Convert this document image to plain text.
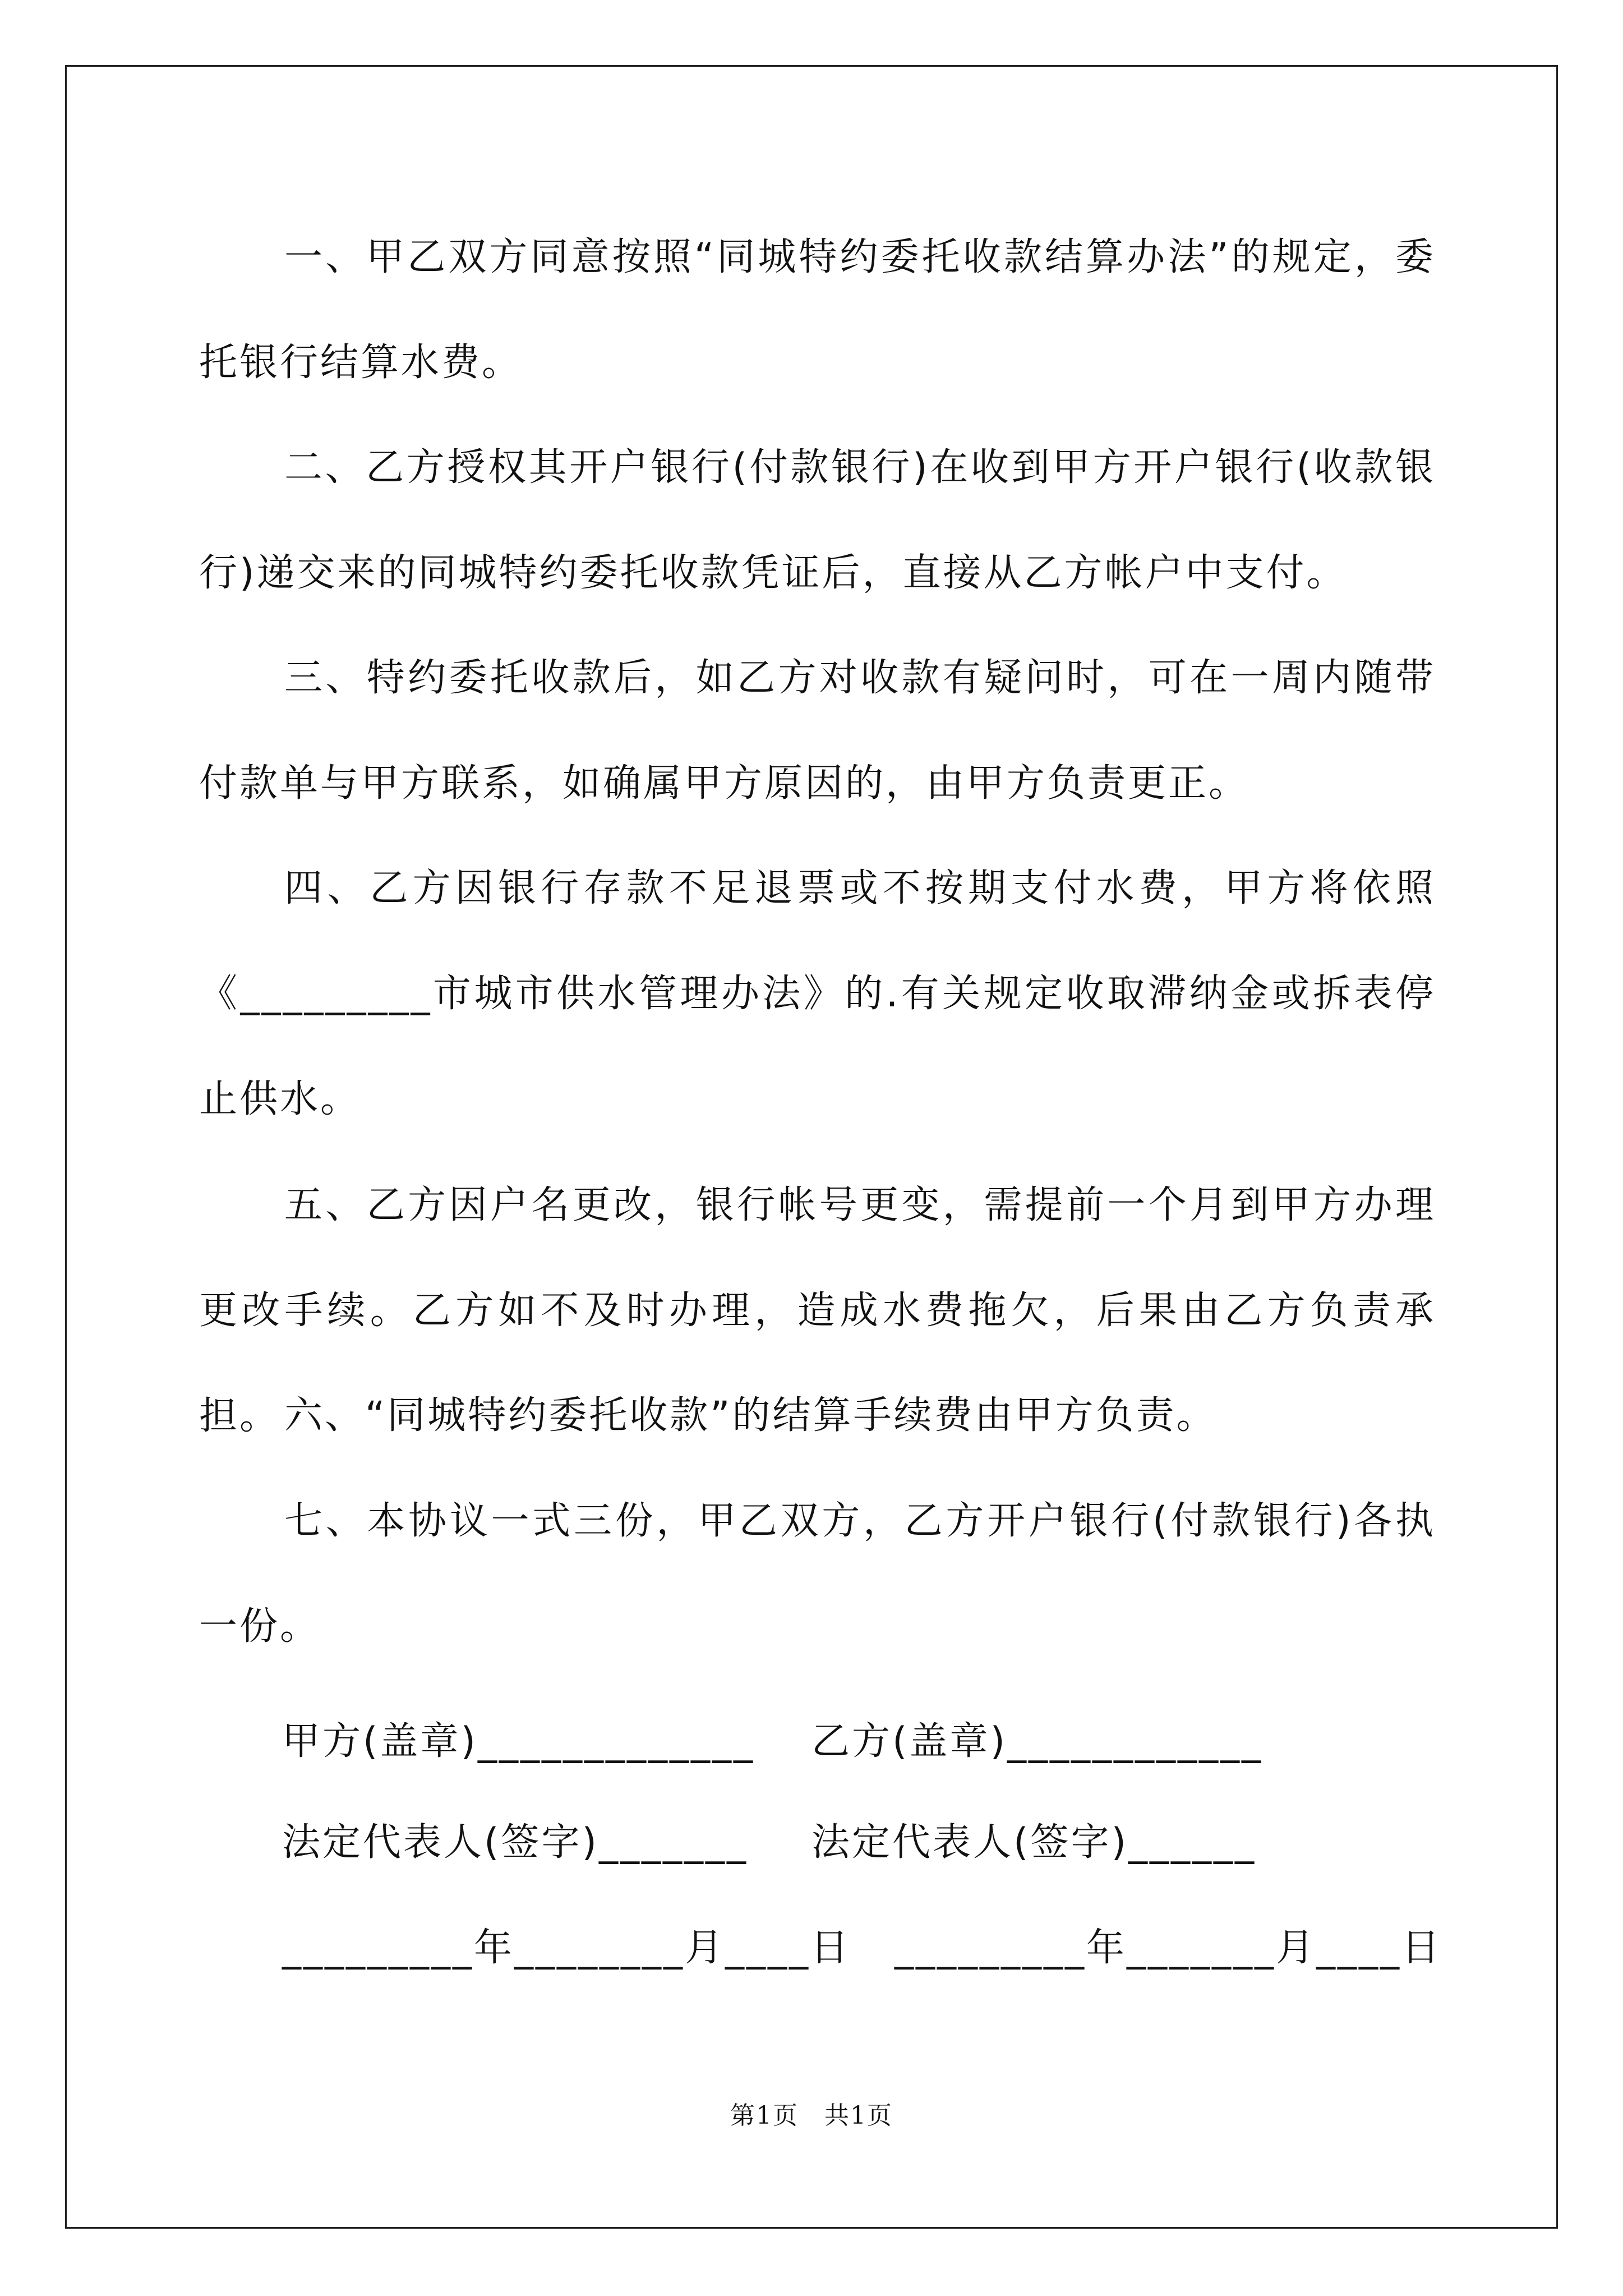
一、甲乙双方同意按照“同城特约委托收款结算办法”的规定，委托银行结算水费。

二、乙方授权其开户银行(付款银行)在收到甲方开户银行(收款银行)递交来的同城特约委托收款凭证后，直接从乙方帐户中支付。

三、特约委托收款后，如乙方对收款有疑问时，可在一周内随带付款单与甲方联系，如确属甲方原因的，由甲方负责更正。

四、乙方因银行存款不足退票或不按期支付水费，甲方将依照《_________市城市供水管理办法》的.有关规定收取滞纳金或拆表停止供水。

五、乙方因户名更改，银行帐号更变，需提前一个月到甲方办理更改手续。乙方如不及时办理，造成水费拖欠，后果由乙方负责承担。 六、“同城特约委托收款”的结算手续费由甲方负责。

七、本协议一式三份，甲乙双方，乙方开户银行(付款银行)各执一份。

甲方(盖章)_____________ 乙方(盖章)____________
法定代表人(签字)_______ 法定代表人(签字)______
_________年________月____日 _________年_______月____日
第1页　共1页
